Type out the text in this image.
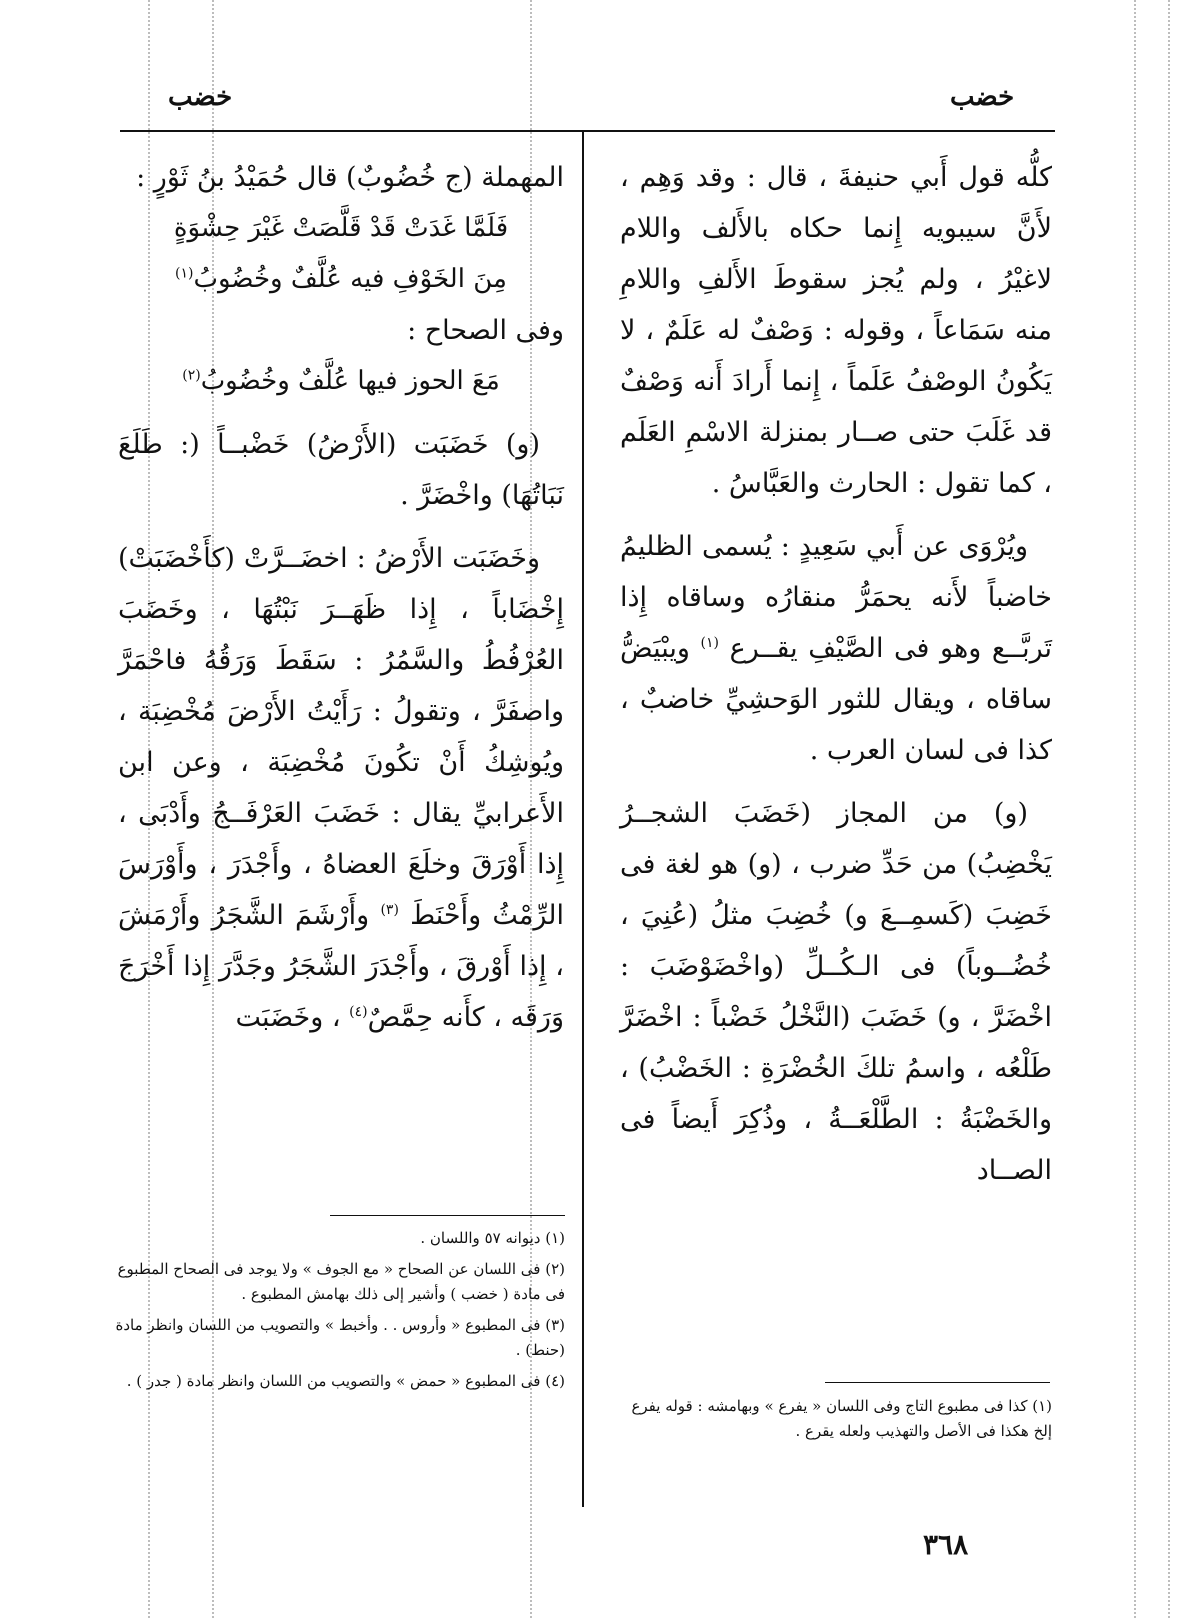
خضب
خضب

كلُّه قول أَبي حنيفةَ ، قال : وقد وَهِم ، لأَنَّ سيبويه إِنما حكاه بالأَلف واللام لاغيْرُ ، ولم يُجز سقوطَ الأَلفِ واللامِ منه سَمَاعاً ، وقوله : وَصْفٌ له عَلَمٌ ، لا يَكُونُ الوصْفُ عَلَماً ، إِنما أَرادَ أَنه وَصْفٌ قد غَلَبَ حتى صــار بمنزلة الاسْمِ العَلَم ، كما تقول : الحارث والعَبَّاسُ .

ويُرْوَى عن أَبي سَعِيدٍ : يُسمى الظليمُ خاضباً لأَنه يحمَرُّ منقارُه وساقاه إِذا تَربَّــع وهو فى الصَّيْفِ يقــرع $^{(١)}$ ويبْيَضُّ ساقاه ، ويقال للثور الوَحشِيِّ خاضبٌ ، كذا فى لسان العرب .

(و) من المجاز (خَضَبَ الشجــرُ يَخْضِبُ) من حَدِّ ضرب ، (و) هو لغة فى خَضِبَ (كَسمِــعَ و) خُضِبَ مثلُ (عُنِيَ ، خُضُــوباً) فى الـكُــلِّ (واخْضَوْضَبَ : اخْضَرَّ ، و) خَضَبَ (النَّخْلُ خَضْباً : اخْضَرَّ طَلْعُه ، واسمُ تلكَ الخُضْرَةِ : الخَضْبُ) ، والخَضْبَةُ : الطَّلْعَــةُ ، وذُكِرَ أَيضاً فى الصــاد

المهملة (ج خُضُوبٌ) قال حُمَيْدُ بنُ ثَوْرٍ :

فَلَمَّا غَدَتْ قَدْ قَلَّصَتْ غَيْرَ حِشْوَةٍ

مِنَ الخَوْفِ فيه عُلَّفٌ وخُضُوبُ$^{(١)}$

وفى الصحاح :

مَعَ الحوز فيها عُلَّفٌ وخُضُوبُ$^{(٢)}$

(و) خَضَبَت (الأَرْضُ) خَضْبــاً (: طَلَعَ نَبَاتُهَا) واخْضَرَّ .

وخَضَبَت الأَرْضُ : اخضَــرَّتْ (كأَخْضَبَتْ) إِخْضَاباً ، إِذا ظَهَــرَ نَبْتُهَا ، وخَضَبَ العُرْفُطُ والسَّمُرُ : سَقَطَ وَرَقُهُ فاحْمَرَّ واصفَرَّ ، وتقولُ : رَأَيْتُ الأَرْضَ مُخْضِبَة ، ويُوشِكُ أَنْ تكُونَ مُخْضِبَة ، وعن ابن الأَعرابيِّ يقال : خَضَبَ العَرْفَــجُ وأَدْبَى ، إِذا أَوْرَقَ وخلَعَ العضاهُ ، وأَجْدَرَ ، وأَوْرَسَ الرِّمْثُ وأَحْنَطَ $^{(٣)}$ وأَرْشَمَ الشَّجَرُ وأَرْمَشَ ، إِذا أَوْرقَ ، وأَجْدَرَ الشَّجَرُ وجَدَّرَ إِذا أَخْرَجَ وَرَقَه ، كأَنه حِمَّصٌ$^{(٤)}$ ، وخَضَبَت

(١) ديوانه ٥٧ واللسان .

(٢) فى اللسان عن الصحاح « مع الجوف » ولا يوجد فى الصحاح المطبوع فى مادة ( خضب ) وأشير إلى ذلك بهامش المطبوع .

(٣) فى المطبوع « وأروس . . وأخبط » والتصويب من اللسان وانظر مادة (حنط) .

(٤) فى المطبوع « حمض » والتصويب من اللسان وانظر مادة ( جدر ) .

(١) كذا فى مطبوع التاج وفى اللسان « يفرع » وبهامشه : قوله يفرع إلخ هكذا فى الأصل والتهذيب ولعله يقرع .

٣٦٨
